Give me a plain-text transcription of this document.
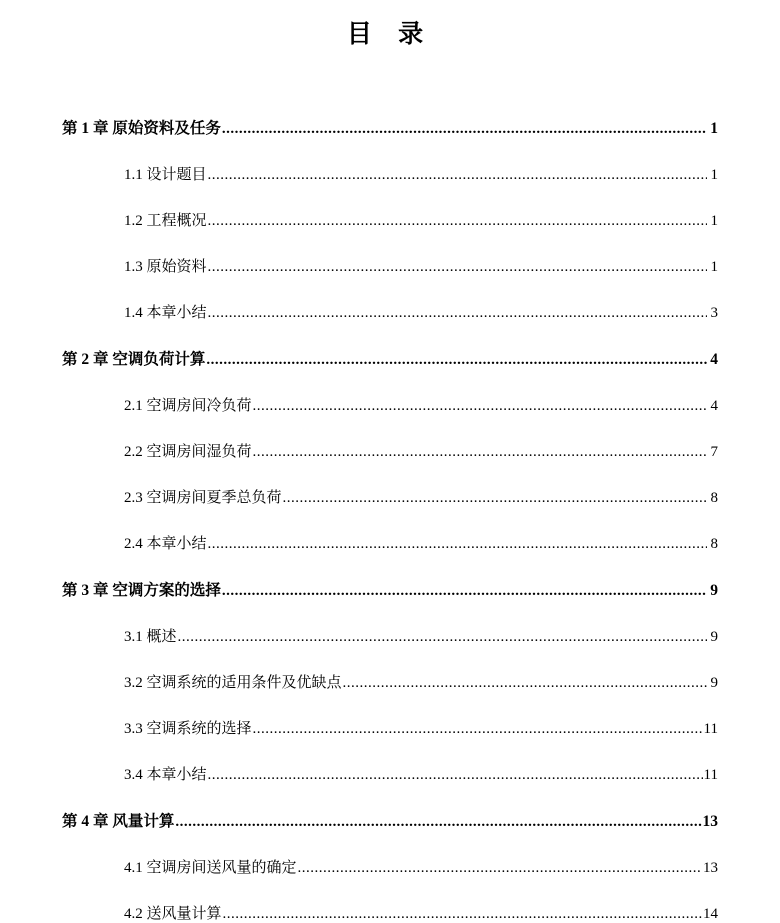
目 录
第 1 章 原始资料及任务 .....	1
1.1 设计题目 .....	1
1.2 工程概况 .....	1
1.3 原始资料 .....	1
1.4 本章小结 .....	3
第 2 章 空调负荷计算 .....	4
2.1 空调房间冷负荷 .....	4
2.2 空调房间湿负荷 .....	7
2.3 空调房间夏季总负荷 .....	8
2.4 本章小结 .....	8
第 3 章 空调方案的选择 .....	9
3.1 概述 .....	9
3.2 空调系统的适用条件及优缺点 .....	9
3.3 空调系统的选择 .....	11
3.4 本章小结 .....	11
第 4 章 风量计算 .....	13
4.1 空调房间送风量的确定 .....	13
4.2 送风量计算 .....	14
